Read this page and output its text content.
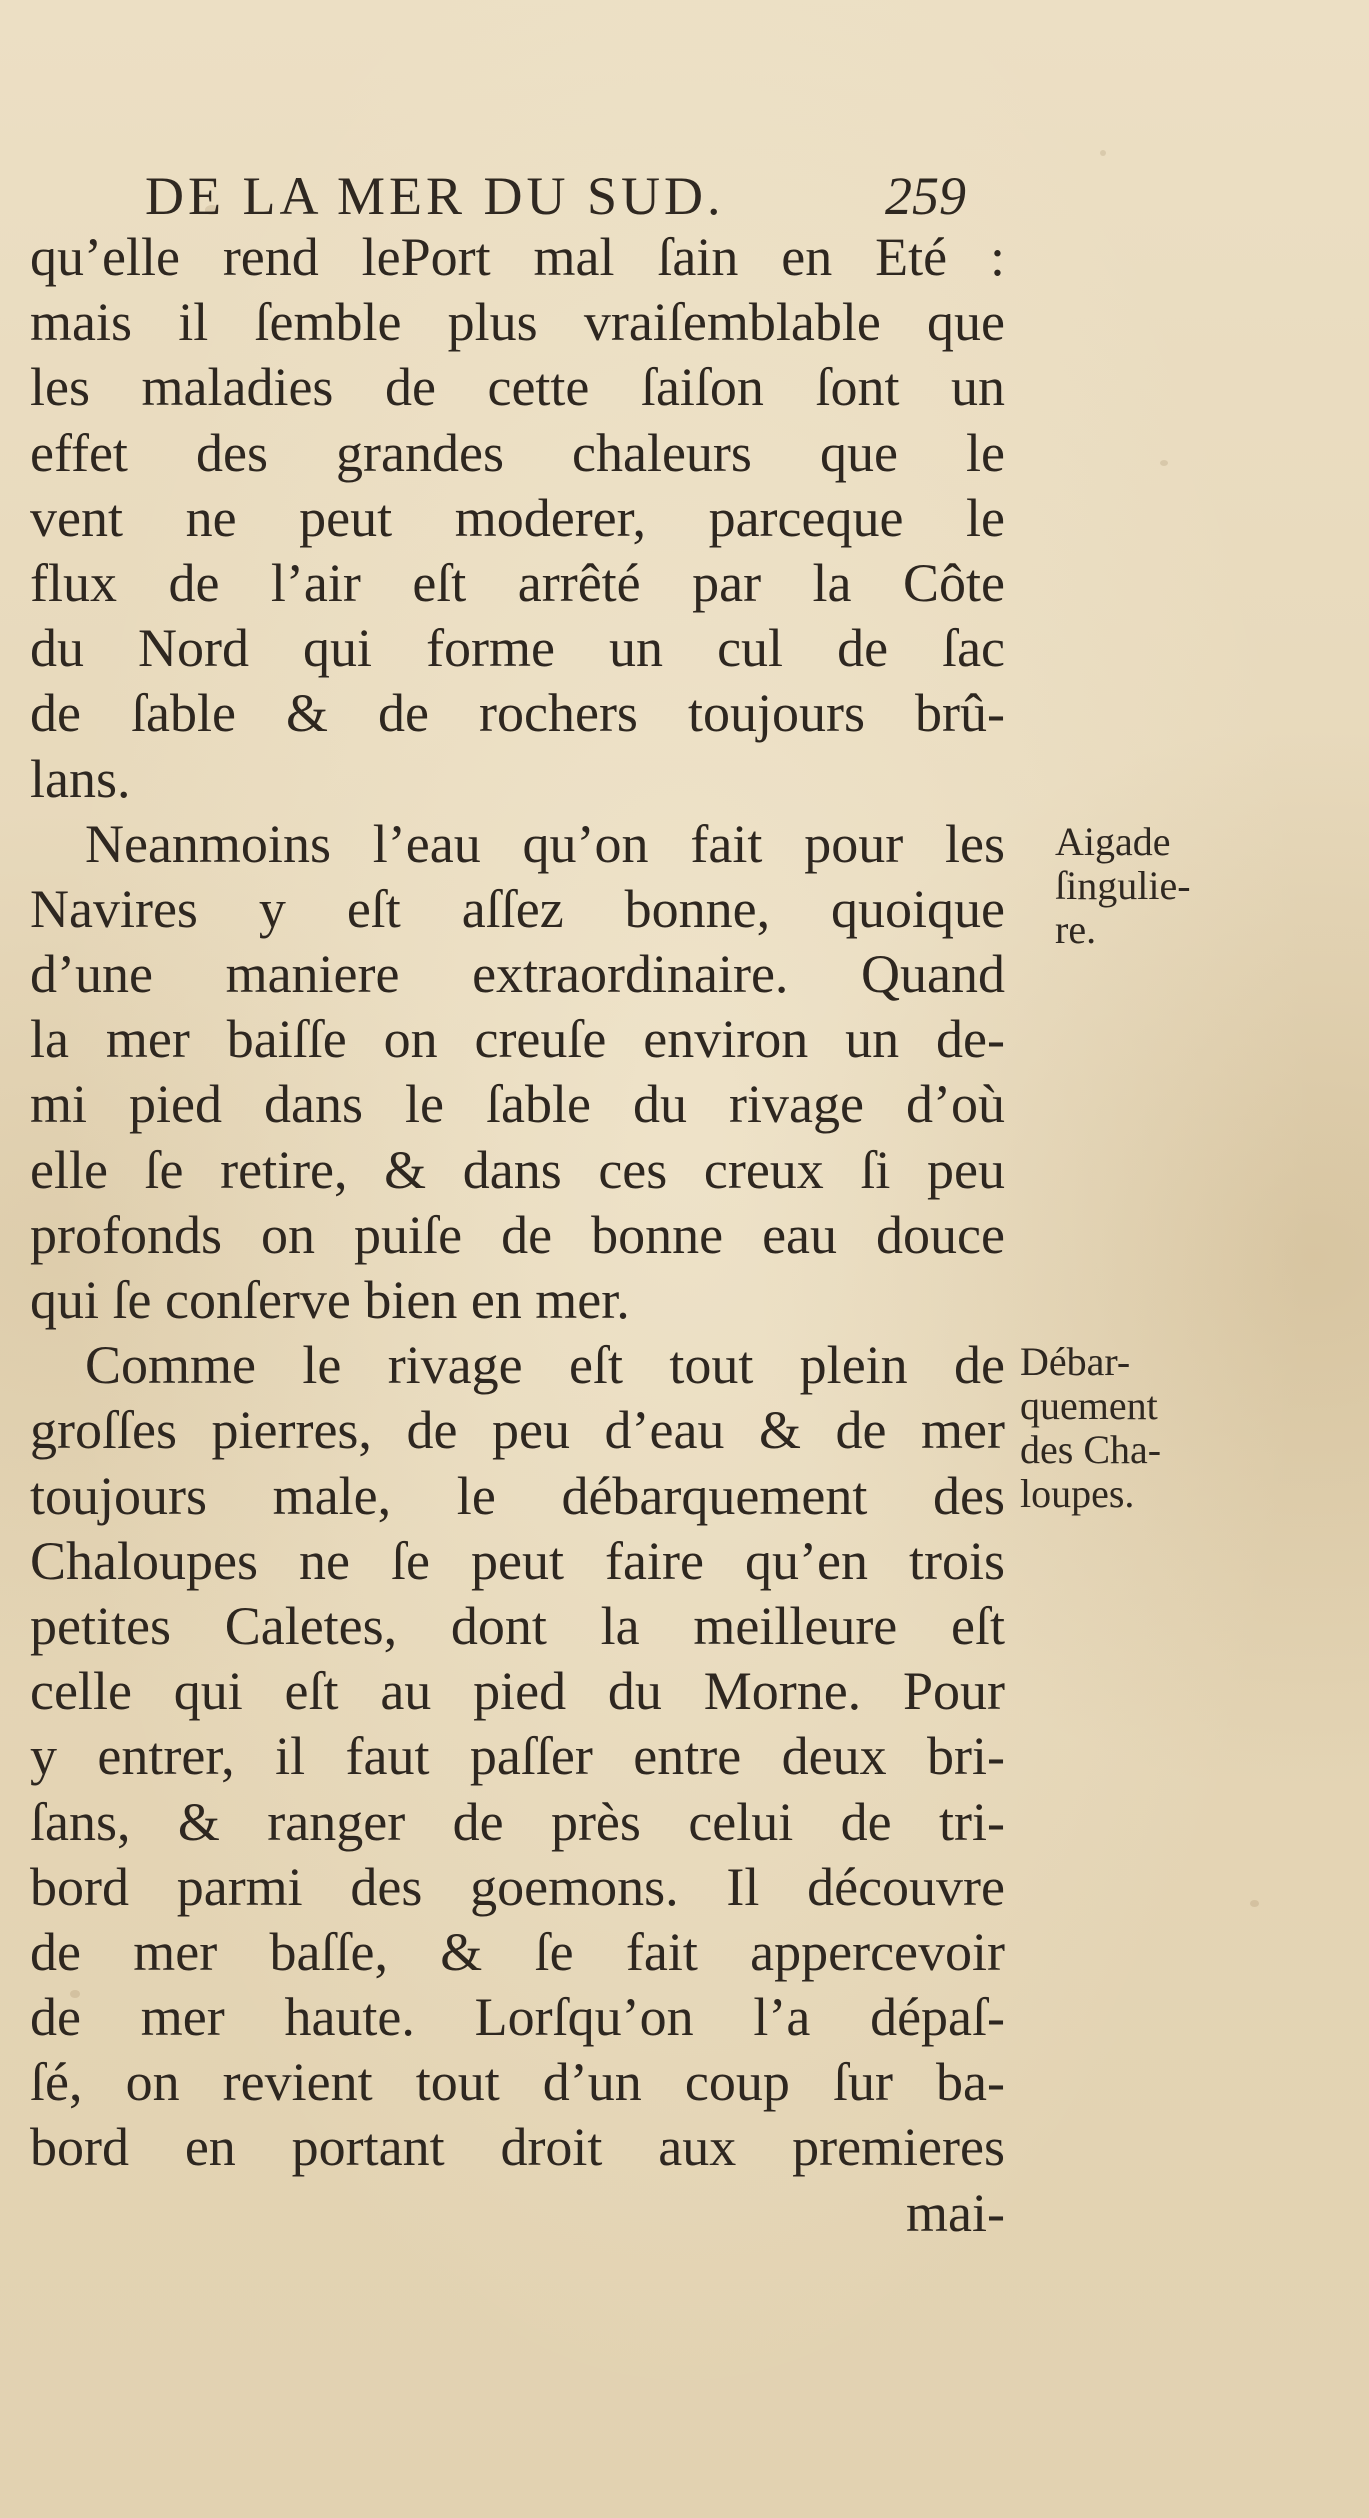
DE LA MER DU SUD.	259
qu’elle rend lePort mal ſain en Eté :
mais il ſemble plus vraiſemblable que
les maladies de cette ſaiſon ſont un
effet des grandes chaleurs que le
vent ne peut moderer, parceque le
flux de l’air eſt arrêté par la Côte
du Nord qui forme un cul de ſac
de ſable & de rochers toujours brû-
lans.
Neanmoins l’eau qu’on fait pour les
Navires y eſt aſſez bonne, quoique
d’une maniere extraordinaire. Quand
la mer baiſſe on creuſe environ un de-
mi pied dans le ſable du rivage d’où
elle ſe retire, & dans ces creux ſi peu
profonds on puiſe de bonne eau douce
qui ſe conſerve bien en mer.
Comme le rivage eſt tout plein de
groſſes pierres, de peu d’eau & de mer
toujours male, le débarquement des
Chaloupes ne ſe peut faire qu’en trois
petites Caletes, dont la meilleure eſt
celle qui eſt au pied du Morne. Pour
y entrer, il faut paſſer entre deux bri-
ſans, & ranger de près celui de tri-
bord parmi des goemons. Il découvre
de mer baſſe, & ſe fait appercevoir
de mer haute. Lorſqu’on l’a dépaſ-
ſé, on revient tout d’un coup ſur ba-
bord en portant droit aux premieres
mai-
Aigade
ſingulie-
re.
Débar-
quement
des Cha-
loupes.
